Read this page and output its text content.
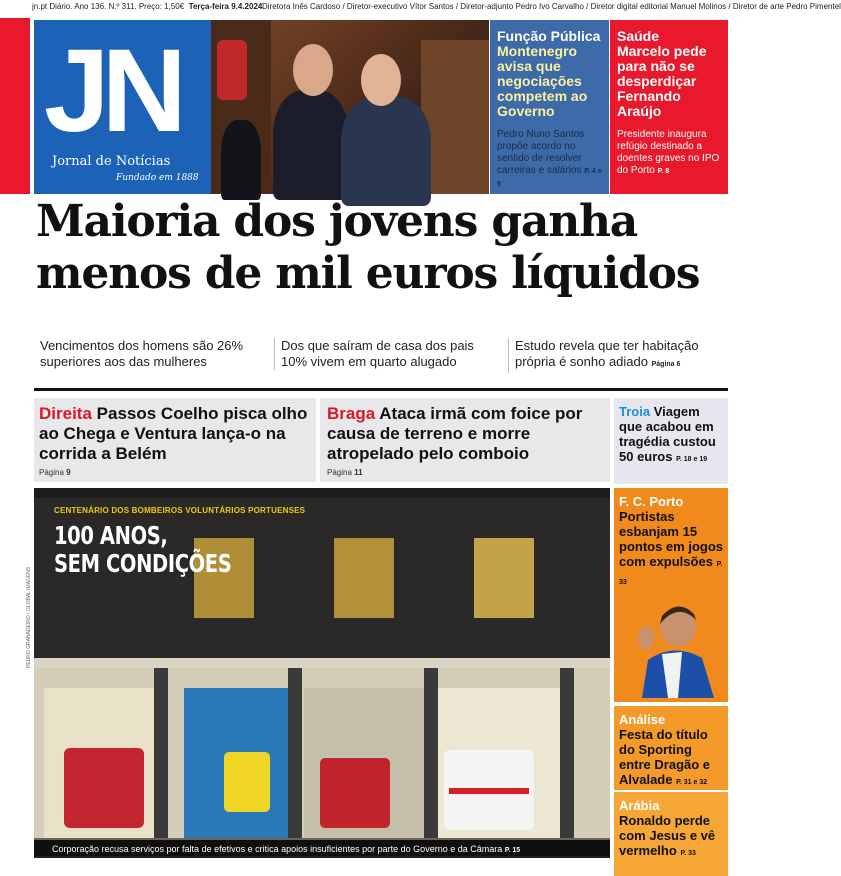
jn.pt Diário. Ano 136. N.º 311. Preço: 1,50€ Terça-feira 9.4.2024 Diretora Inês Cardoso / Diretor-executivo Vítor Santos / Diretor-adjunto Pedro Ivo Carvalho / Diretor digital editorial Manuel Molinos / Diretor de arte Pedro Pimentel
JN
Jornal de Notícias
Fundado em 1888
Função Pública
Montenegro avisa que negociações competem ao Governo
Pedro Nuno Santos propõe acordo no sentido de resolver carreiras e salários P. 4 e 5
Saúde
Marcelo pede para não se desperdiçar Fernando Araújo
Presidente inaugura refúgio destinado a doentes graves no IPO do Porto P. 8
Maioria dos jovens ganha
menos de mil euros líquidos
Vencimentos dos homens são 26% superiores aos das mulheres
Dos que saíram de casa dos pais 10% vivem em quarto alugado
Estudo revela que ter habitação própria é sonho adiado Página 6
Direita Passos Coelho pisca olho ao Chega e Ventura lança-o na corrida a Belém
Página 9
Braga Ataca irmã com foice por causa de terreno e morre atropelado pelo comboio
Página 11
Troia Viagem que acabou em tragédia custou 50 euros P. 18 e 19
F. C. Porto
Portistas esbanjam 15 pontos em jogos com expulsões P. 33
Análise
Festa do título do Sporting entre Dragão e Alvalade P. 31 e 32
Arábia
Ronaldo perde com Jesus e vê vermelho P. 33
PEDRO GRANADEIRO / GLOBAL IMAGENS
CENTENÁRIO DOS BOMBEIROS VOLUNTÁRIOS PORTUENSES
100 ANOS,
SEM CONDIÇÕES
Corporação recusa serviços por falta de efetivos e critica apoios insuficientes por parte do Governo e da Câmara P. 15
